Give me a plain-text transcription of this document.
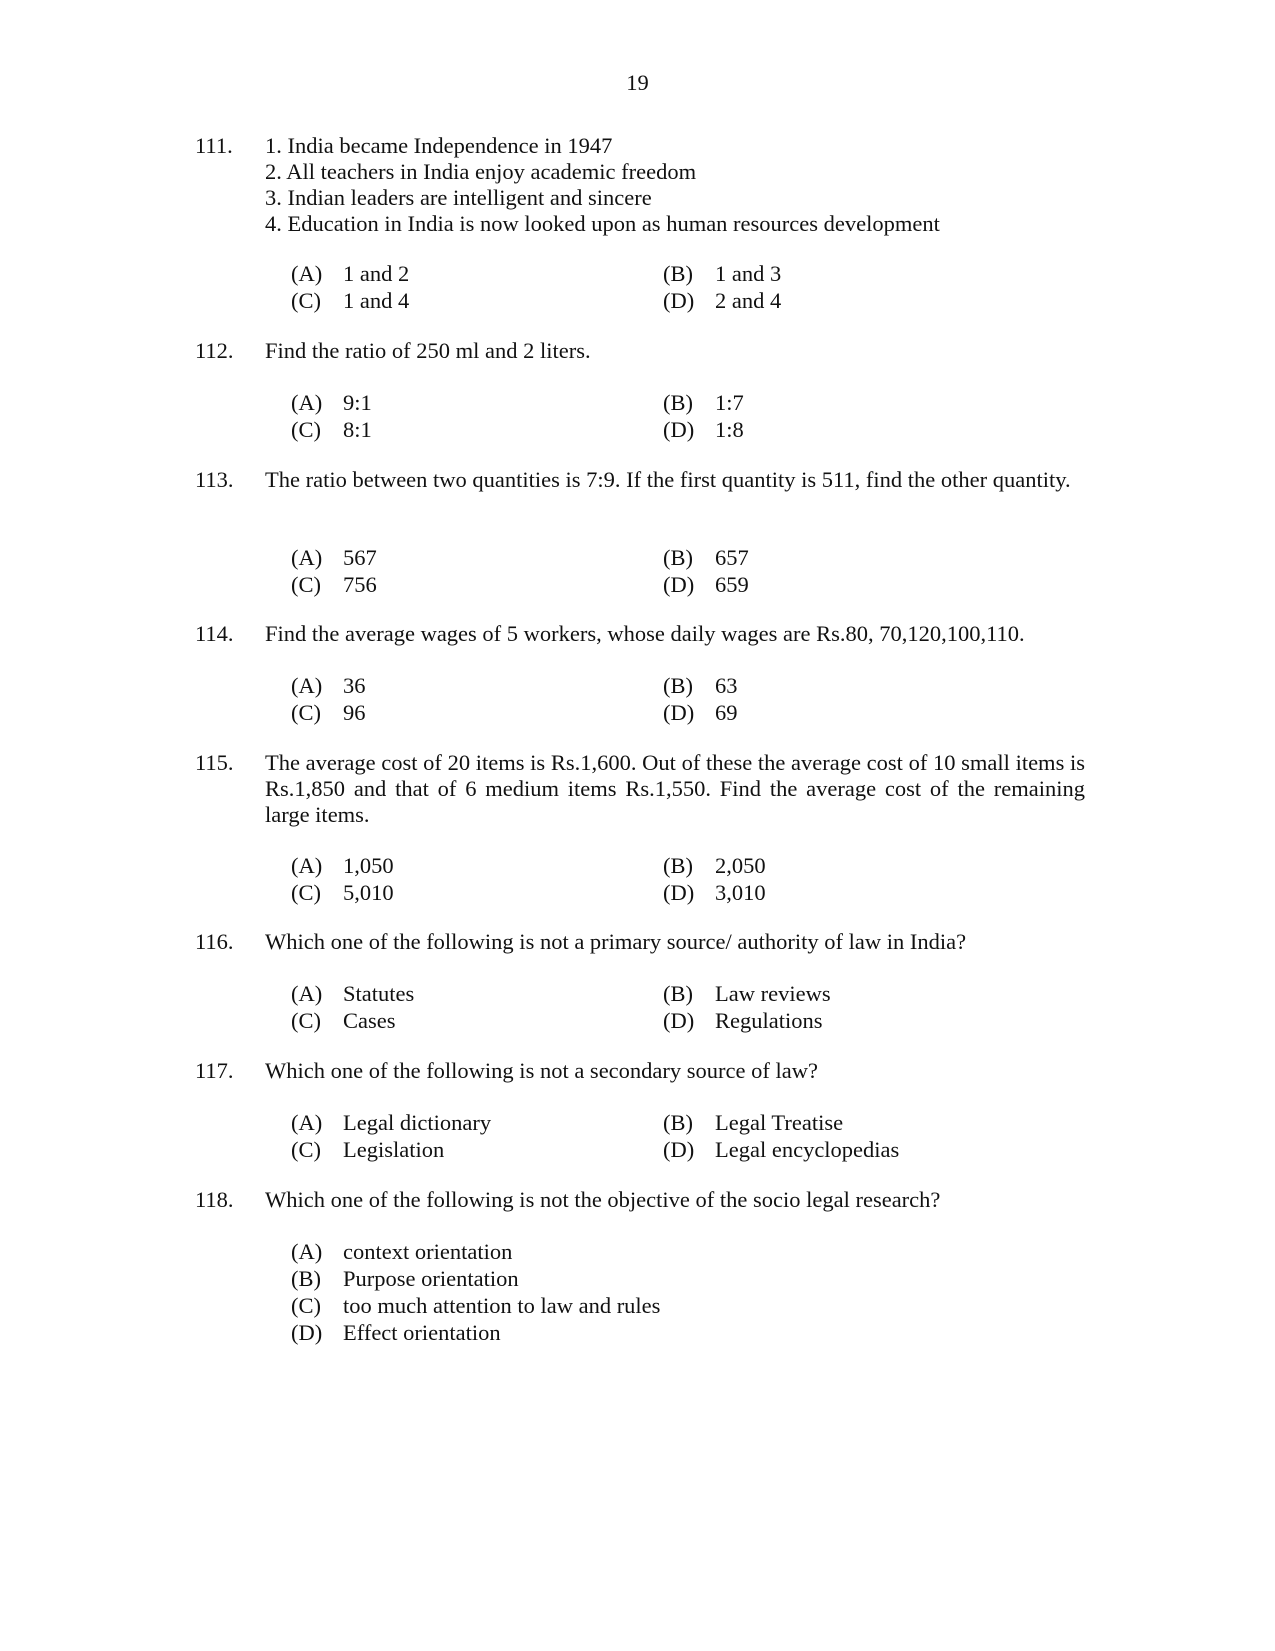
19
111. 1. India became Independence in 1947
2. All teachers in India enjoy academic freedom
3. Indian leaders are intelligent and sincere
4. Education in India is now looked upon as human resources development
(A) 1 and 2	(B) 1 and 3
(C) 1 and 4	(D) 2 and 4
112. Find the ratio of 250 ml and 2 liters.
(A) 9:1	(B) 1:7
(C) 8:1	(D) 1:8
113. The ratio between two quantities is 7:9. If the first quantity is 511, find the other quantity.
(A) 567	(B) 657
(C) 756	(D) 659
114. Find the average wages of 5 workers, whose daily wages are Rs.80, 70,120,100,110.
(A) 36	(B) 63
(C) 96	(D) 69
115. The average cost of 20 items is Rs.1,600. Out of these the average cost of 10 small items is Rs.1,850 and that of 6 medium items Rs.1,550. Find the average cost of the remaining large items.
(A) 1,050	(B) 2,050
(C) 5,010	(D) 3,010
116. Which one of the following is not a primary source/ authority of law in India?
(A) Statutes	(B) Law reviews
(C) Cases	(D) Regulations
117. Which one of the following is not a secondary source of law?
(A) Legal dictionary	(B) Legal Treatise
(C) Legislation	(D) Legal encyclopedias
118. Which one of the following is not the objective of the socio legal research?
(A) context orientation
(B) Purpose orientation
(C) too much attention to law and rules
(D) Effect orientation
